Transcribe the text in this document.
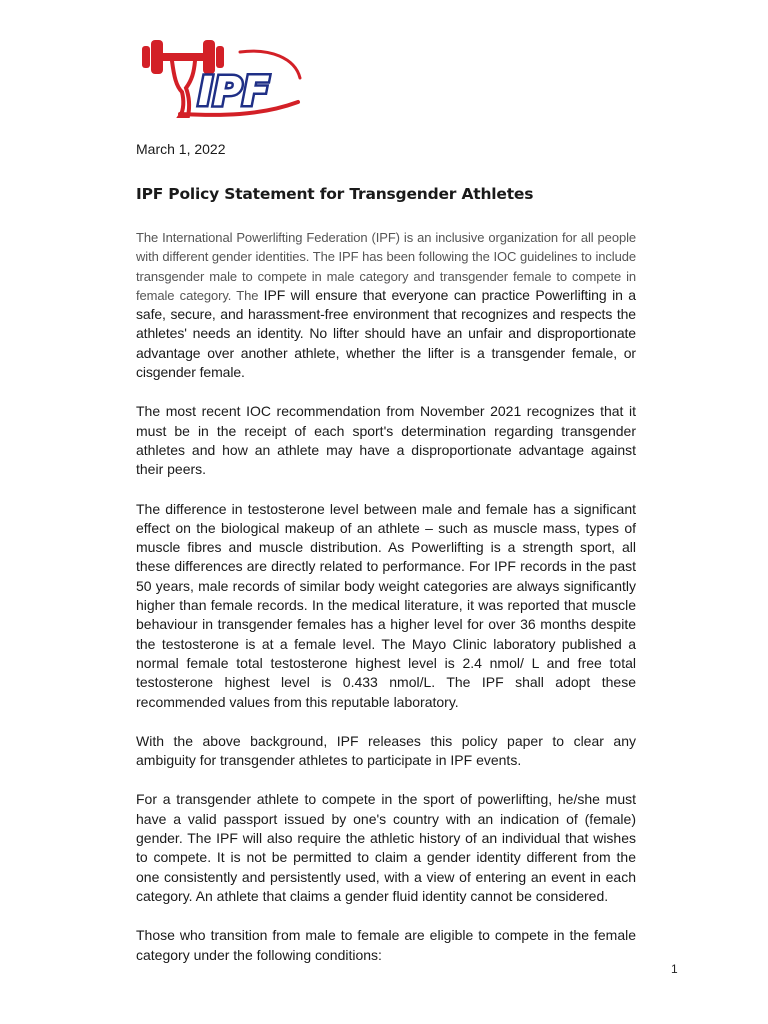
IPF
March 1, 2022
IPF Policy Statement for Transgender Athletes

The International Powerlifting Federation (IPF) is an inclusive organization for all people with different gender identities. The IPF has been following the IOC guidelines to include transgender male to compete in male category and transgender female to compete in female category. The IPF will ensure that everyone can practice Powerlifting in a safe, secure, and harassment-free environment that recognizes and respects the athletes' needs an identity. No lifter should have an unfair and disproportionate advantage over another athlete, whether the lifter is a transgender female, or cisgender female.

The most recent IOC recommendation from November 2021 recognizes that it must be in the receipt of each sport's determination regarding transgender athletes and how an athlete may have a disproportionate advantage against their peers.

The difference in testosterone level between male and female has a significant effect on the biological makeup of an athlete – such as muscle mass, types of muscle fibres and muscle distribution. As Powerlifting is a strength sport, all these differences are directly related to performance. For IPF records in the past 50 years, male records of similar body weight categories are always significantly higher than female records. In the medical literature, it was reported that muscle behaviour in transgender females has a higher level for over 36 months despite the testosterone is at a female level. The Mayo Clinic laboratory published a normal female total testosterone highest level is 2.4 nmol/ L and free total testosterone highest level is 0.433 nmol/L. The IPF shall adopt these recommended values from this reputable laboratory.

With the above background, IPF releases this policy paper to clear any ambiguity for transgender athletes to participate in IPF events.

For a transgender athlete to compete in the sport of powerlifting, he/she must have a valid passport issued by one's country with an indication of (female) gender. The IPF will also require the athletic history of an individual that wishes to compete. It is not be permitted to claim a gender identity different from the one consistently and persistently used, with a view of entering an event in each category. An athlete that claims a gender fluid identity cannot be considered.

Those who transition from male to female are eligible to compete in the female category under the following conditions:

1
